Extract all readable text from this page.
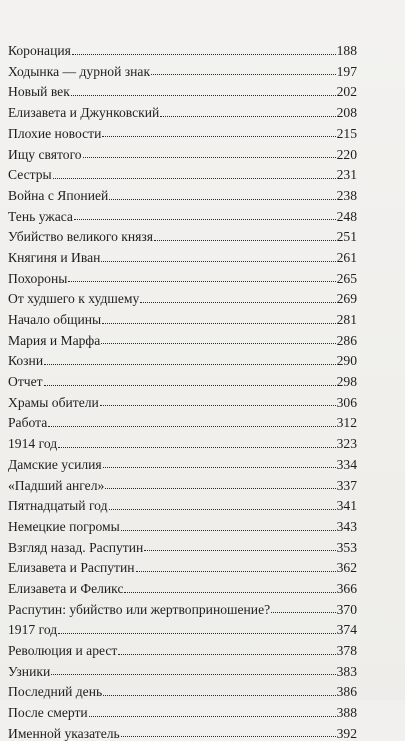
Коронация	188
Ходынка — дурной знак	197
Новый век	202
Елизавета и Джунковский	208
Плохие новости	215
Ищу святого	220
Сестры	231
Война с Японией	238
Тень ужаса	248
Убийство великого князя	251
Княгиня и Иван	261
Похороны	265
От худшего к худшему	269
Начало общины	281
Мария и Марфа	286
Козни	290
Отчет	298
Храмы обители	306
Работа	312
1914 год	323
Дамские усилия	334
«Падший ангел»	337
Пятнадцатый год	341
Немецкие погромы	343
Взгляд назад. Распутин	353
Елизавета и Распутин	362
Елизавета и Феликс	366
Распутин: убийство или жертвоприношение?	370
1917 год	374
Революция и арест	378
Узники	383
Последний день	386
После смерти	388
Именной указатель	392
